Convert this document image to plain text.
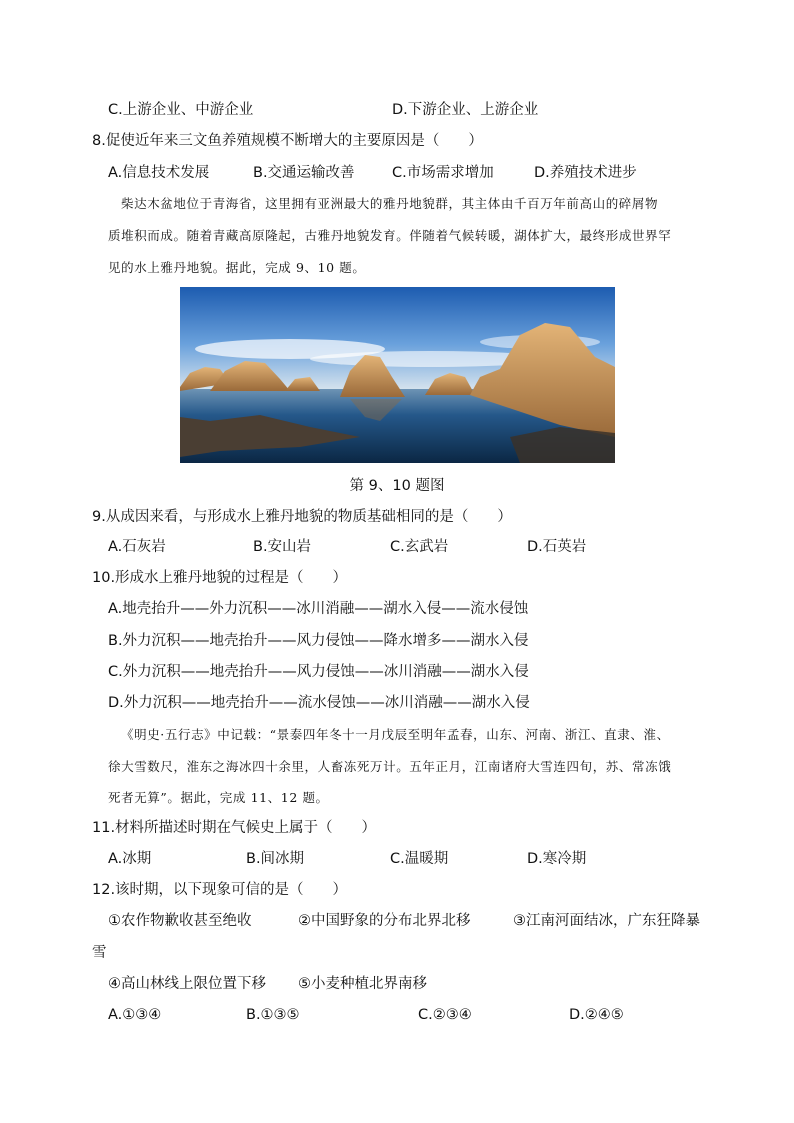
C.上游企业、中游企业	D.下游企业、上游企业
8.促使近年来三文鱼养殖规模不断增大的主要原因是（　　）
A.信息技术发展	B.交通运输改善	C.市场需求增加	D.养殖技术进步
柴达木盆地位于青海省，这里拥有亚洲最大的雅丹地貌群，其主体由千百万年前高山的碎屑物
质堆积而成。随着青藏高原隆起，古雅丹地貌发育。伴随着气候转暖，湖体扩大，最终形成世界罕
见的水上雅丹地貌。据此，完成 9、10 题。
第 9、10 题图
9.从成因来看，与形成水上雅丹地貌的物质基础相同的是（　　）
A.石灰岩	B.安山岩	C.玄武岩	D.石英岩
10.形成水上雅丹地貌的过程是（　　）
A.地壳抬升——外力沉积——冰川消融——湖水入侵——流水侵蚀
B.外力沉积——地壳抬升——风力侵蚀——降水增多——湖水入侵
C.外力沉积——地壳抬升——风力侵蚀——冰川消融——湖水入侵
D.外力沉积——地壳抬升——流水侵蚀——冰川消融——湖水入侵
《明史·五行志》中记载：“景泰四年冬十一月戊辰至明年孟春，山东、河南、浙江、直隶、淮、
徐大雪数尺，淮东之海冰四十余里，人畜冻死万计。五年正月，江南诸府大雪连四旬，苏、常冻饿
死者无算”。据此，完成 11、12 题。
11.材料所描述时期在气候史上属于（　　）
A.冰期	B.间冰期	C.温暖期	D.寒冷期
12.该时期，以下现象可信的是（　　）
①农作物歉收甚至绝收	②中国野象的分布北界北移	③江南河面结冰，广东狂降暴
雪
④高山林线上限位置下移 ⑤小麦种植北界南移
A.①③④	B.①③⑤	C.②③④	D.②④⑤
